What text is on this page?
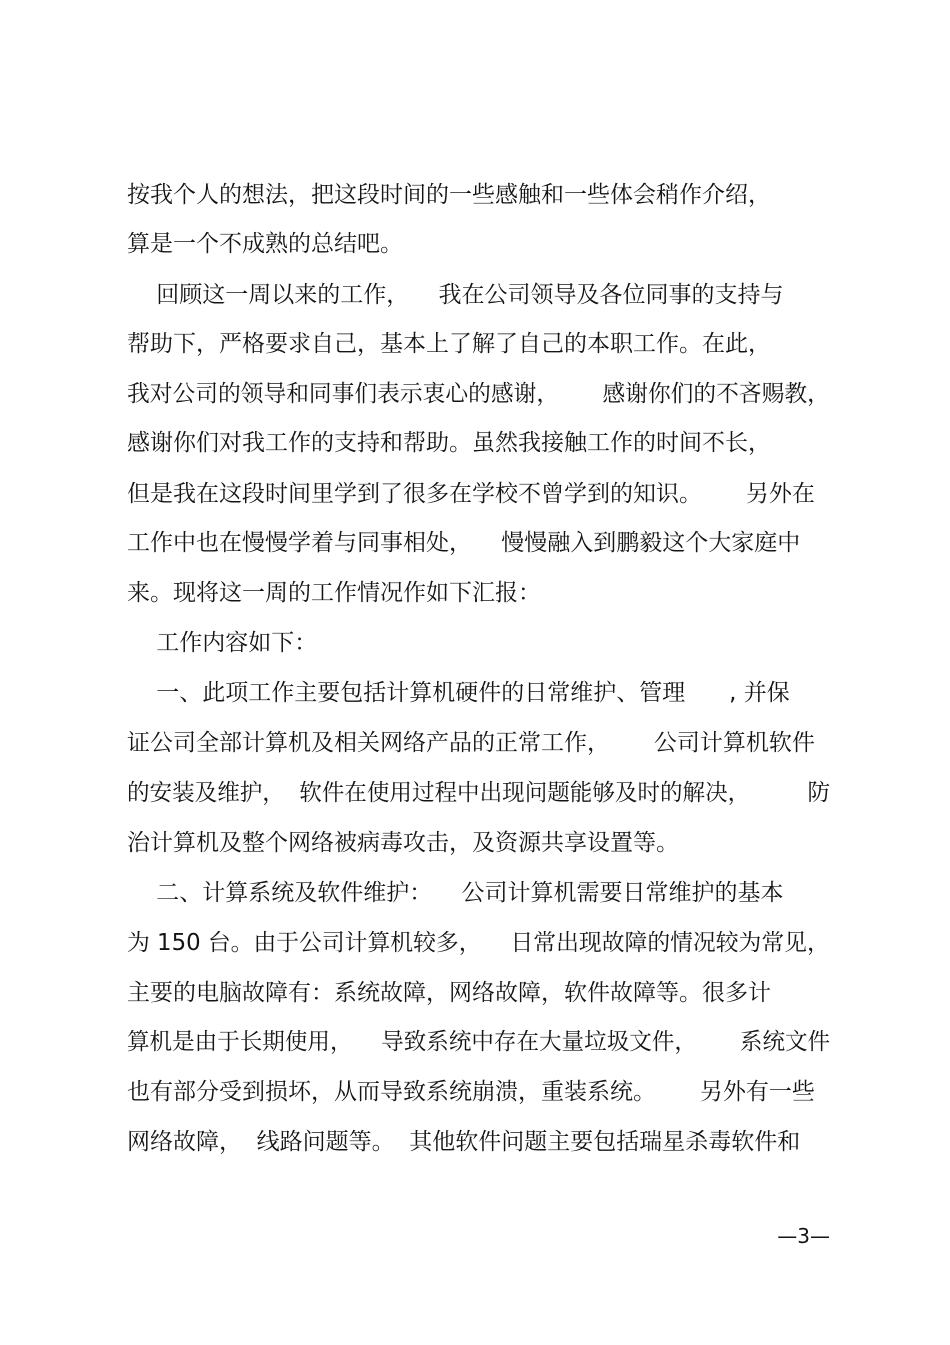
按我个人的想法，把这段时间的一些感触和一些体会稍作介绍，

算是一个不成熟的总结吧。

回顾这一周以来的工作，    我在公司领导及各位同事的支持与

帮助下，严格要求自己，基本上了解了自己的本职工作。在此，

我对公司的领导和同事们表示衷心的感谢，      感谢你们的不吝赐教，

感谢你们对我工作的支持和帮助。虽然我接触工作的时间不长，

但是我在这段时间里学到了很多在学校不曾学到的知识。      另外在

工作中也在慢慢学着与同事相处，    慢慢融入到鹏毅这个大家庭中

来。现将这一周的工作情况作如下汇报：

工作内容如下：

一、此项工作主要包括计算机硬件的日常维护、管理      , 并保

证公司全部计算机及相关网络产品的正常工作，      公司计算机软件

的安装及维护，  软件在使用过程中出现问题能够及时的解决，        防

治计算机及整个网络被病毒攻击，及资源共享设置等。

二、计算系统及软件维护：    公司计算机需要日常维护的基本

为 150 台。由于公司计算机较多，    日常出现故障的情况较为常见，

主要的电脑故障有：系统故障，网络故障，软件故障等。很多计

算机是由于长期使用，    导致系统中存在大量垃圾文件，      系统文件

也有部分受到损坏，从而导致系统崩溃，重装系统。      另外有一些

网络故障，  线路问题等。  其他软件问题主要包括瑞星杀毒软件和

—3—
